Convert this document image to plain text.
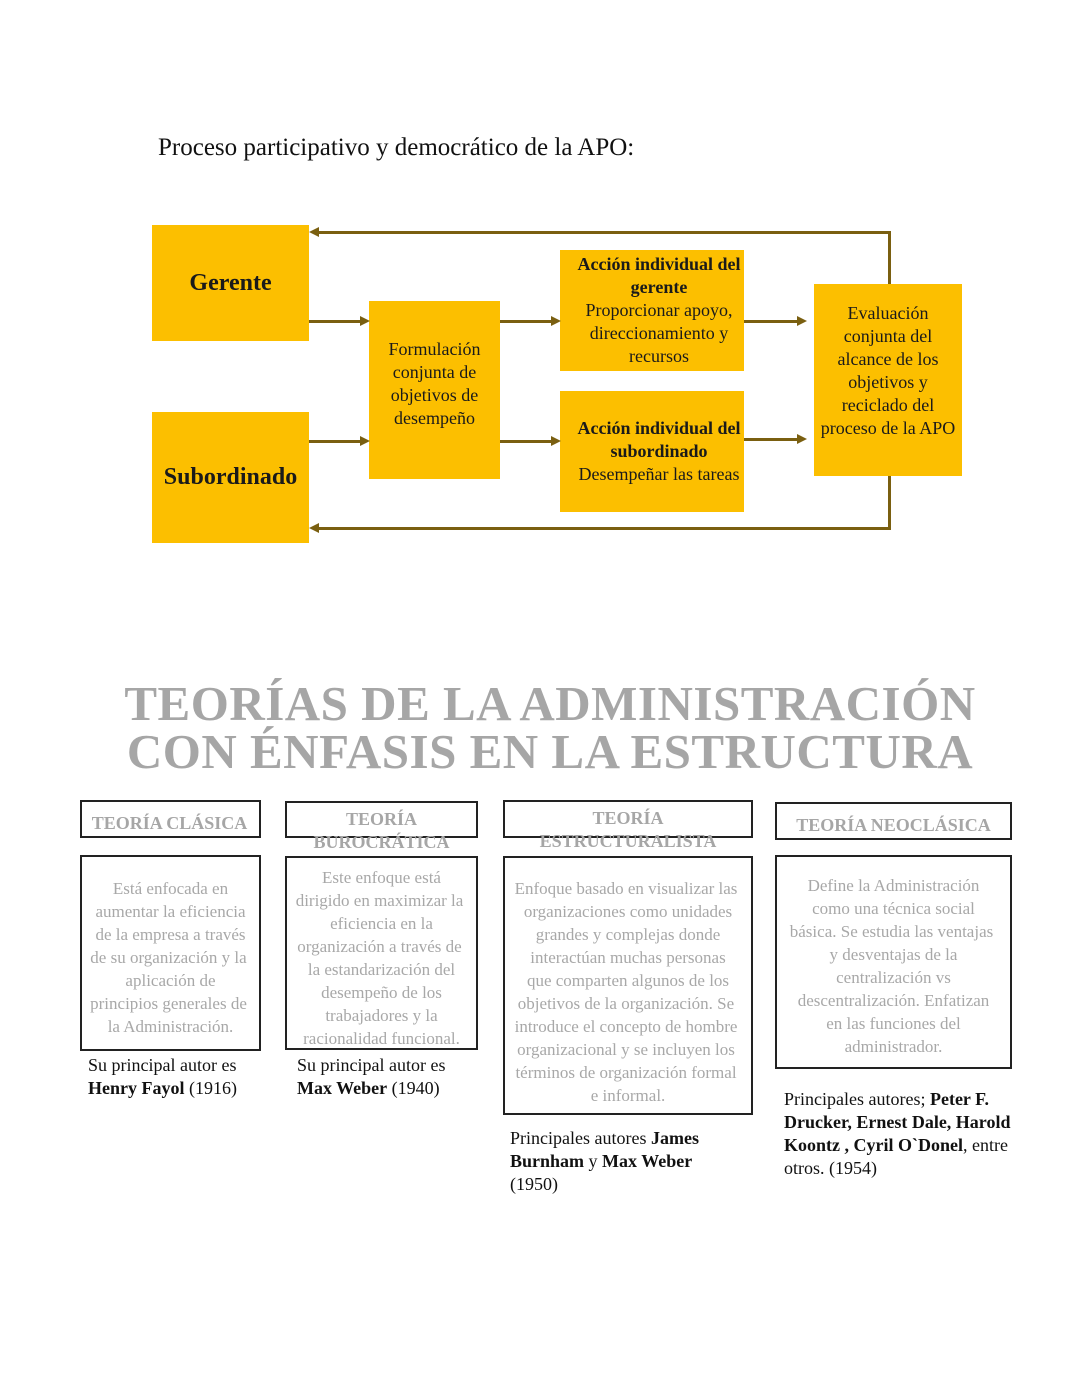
Proceso participativo y democrático de la APO:
Gerente
Subordinado
Formulación
conjunta de
objetivos de
desempeño
Acción individual del
gerente
Proporcionar apoyo,
direccionamiento y
recursos
Acción individual del
subordinado
Desempeñar las tareas
Evaluación
conjunta del
alcance de los
objetivos y
reciclado del
proceso de la APO
TEORÍAS DE LA ADMINISTRACIÓN
CON ÉNFASIS EN LA ESTRUCTURA
TEORÍA CLÁSICA
Está enfocada en
aumentar la eficiencia
de la empresa a través
de su organización y la
aplicación de
principios generales de
la Administración.
Su principal autor es
Henry Fayol (1916)
TEORÍA
BUROCRÁTICA
Este enfoque está
dirigido en maximizar la
eficiencia en la
organización a través de
la estandarización del
desempeño de los
trabajadores y la
racionalidad funcional.
Su principal autor es
Max Weber (1940)
TEORÍA
ESTRUCTURALISTA
Enfoque basado en visualizar las
organizaciones como unidades
grandes y complejas donde
interactúan muchas personas
que comparten algunos de los
objetivos de la organización. Se
introduce el concepto de hombre
organizacional y se incluyen los
términos de organización formal
e informal.
Principales autores James Burnham y Max Weber (1950)
TEORÍA NEOCLÁSICA
Define la Administración
como una técnica social
básica. Se estudia las ventajas
y desventajas de la
centralización vs
descentralización. Enfatizan
en las funciones del
administrador.
Principales autores; Peter F. Drucker, Ernest Dale, Harold Koontz , Cyril O`Donel, entre otros. (1954)
